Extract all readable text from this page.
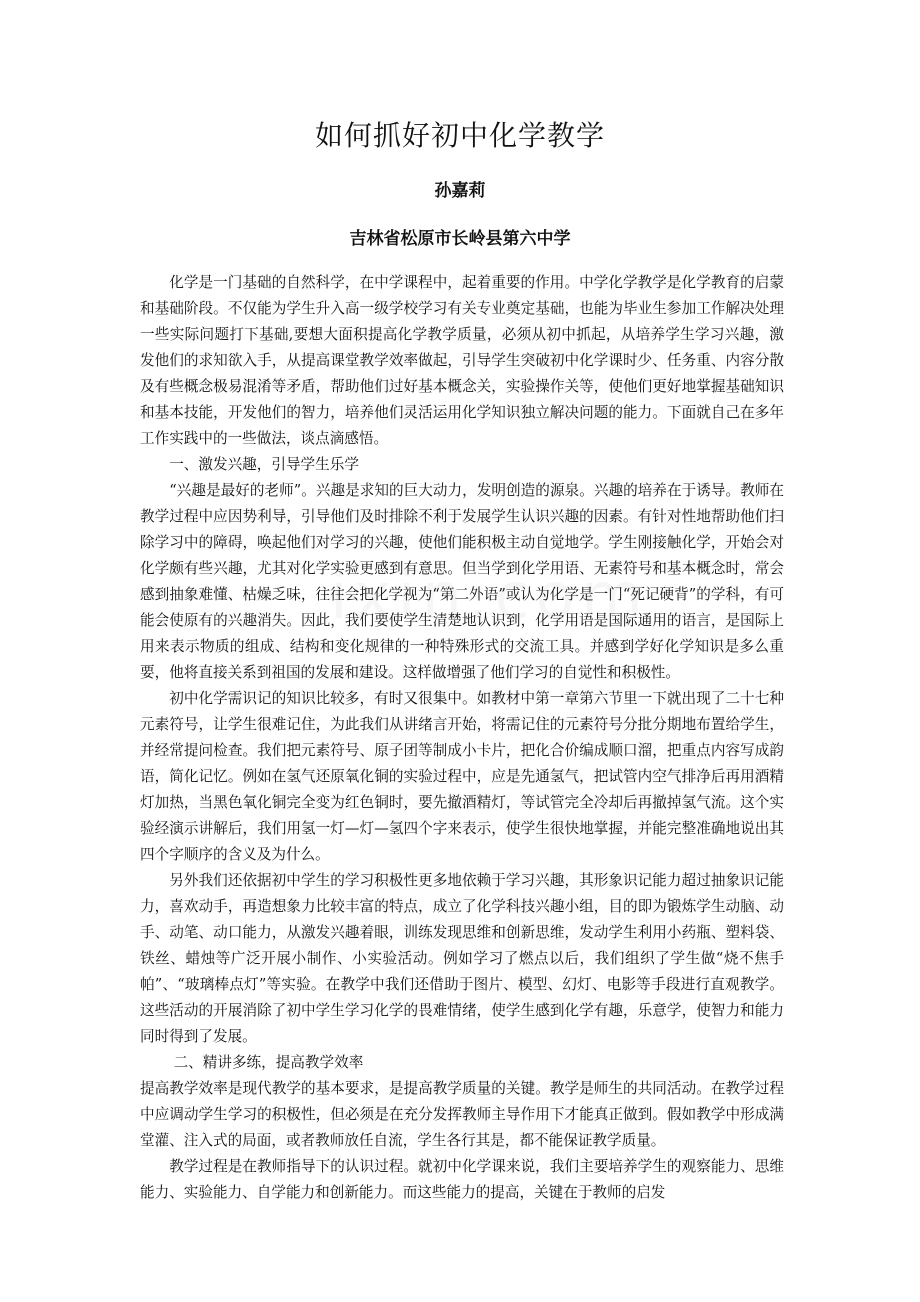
如何抓好初中化学教学
孙嘉莉
吉林省松原市长岭县第六中学

化学是一门基础的自然科学，在中学课程中，起着重要的作用。中学化学教学是化学教育的启蒙和基础阶段。不仅能为学生升入高一级学校学习有关专业奠定基础，也能为毕业生参加工作解决处理一些实际问题打下基础,要想大面积提高化学教学质量，必须从初中抓起，从培养学生学习兴趣，激发他们的求知欲入手，从提高课堂教学效率做起，引导学生突破初中化学课时少、任务重、内容分散及有些概念极易混淆等矛盾，帮助他们过好基本概念关，实验操作关等，使他们更好地掌握基础知识和基本技能，开发他们的智力，培养他们灵活运用化学知识独立解决问题的能力。下面就自己在多年工作实践中的一些做法，谈点滴感悟。

一、激发兴趣，引导学生乐学

“兴趣是最好的老师”。兴趣是求知的巨大动力，发明创造的源泉。兴趣的培养在于诱导。教师在教学过程中应因势利导，引导他们及时排除不利于发展学生认识兴趣的因素。有针对性地帮助他们扫除学习中的障碍，唤起他们对学习的兴趣，使他们能积极主动自觉地学。学生刚接触化学，开始会对化学颇有些兴趣，尤其对化学实验更感到有意思。但当学到化学用语、无素符号和基本概念时，常会感到抽象难懂、枯燥乏味，往往会把化学视为“第二外语”或认为化学是一门“死记硬背”的学科，有可能会使原有的兴趣消失。因此，我们要使学生清楚地认识到，化学用语是国际通用的语言，是国际上用来表示物质的组成、结构和变化规律的一种特殊形式的交流工具。并感到学好化学知识是多么重要，他将直接关系到祖国的发展和建设。这样做增强了他们学习的自觉性和积极性。

初中化学需识记的知识比较多，有时又很集中。如教材中第一章第六节里一下就出现了二十七种元素符号，让学生很难记住，为此我们从讲绪言开始，将需记住的元素符号分批分期地布置给学生，并经常提问检查。我们把元素符号、原子团等制成小卡片，把化合价编成顺口溜，把重点内容写成韵语，简化记忆。例如在氢气还原氧化铜的实验过程中，应是先通氢气，把试管内空气排净后再用酒精灯加热，当黑色氧化铜完全变为红色铜时，要先撤酒精灯，等试管完全冷却后再撤掉氢气流。这个实验经演示讲解后，我们用氢一灯—灯—氢四个字来表示，使学生很快地掌握，并能完整准确地说出其四个字顺序的含义及为什么。

另外我们还依据初中学生的学习积极性更多地依赖于学习兴趣，其形象识记能力超过抽象识记能力，喜欢动手，再造想象力比较丰富的特点，成立了化学科技兴趣小组，目的即为锻炼学生动脑、动手、动笔、动口能力，从激发兴趣着眼，训练发现思维和创新思维，发动学生利用小药瓶、塑料袋、铁丝、蜡烛等广泛开展小制作、小实验活动。例如学习了燃点以后，我们组织了学生做“烧不焦手帕”、“玻璃棒点灯”等实验。在教学中我们还借助于图片、模型、幻灯、电影等手段进行直观教学。这些活动的开展消除了初中学生学习化学的畏难情绪，使学生感到化学有趣，乐意学，使智力和能力同时得到了发展。

二、精讲多练，提高教学效率

提高教学效率是现代教学的基本要求，是提高教学质量的关键。教学是师生的共同活动。在教学过程中应调动学生学习的积极性，但必须是在充分发挥教师主导作用下才能真正做到。假如教学中形成满堂灌、注入式的局面，或者教师放任自流，学生各行其是，都不能保证教学质量。

教学过程是在教师指导下的认识过程。就初中化学课来说，我们主要培养学生的观察能力、思维能力、实验能力、自学能力和创新能力。而这些能力的提高，关键在于教师的启发
